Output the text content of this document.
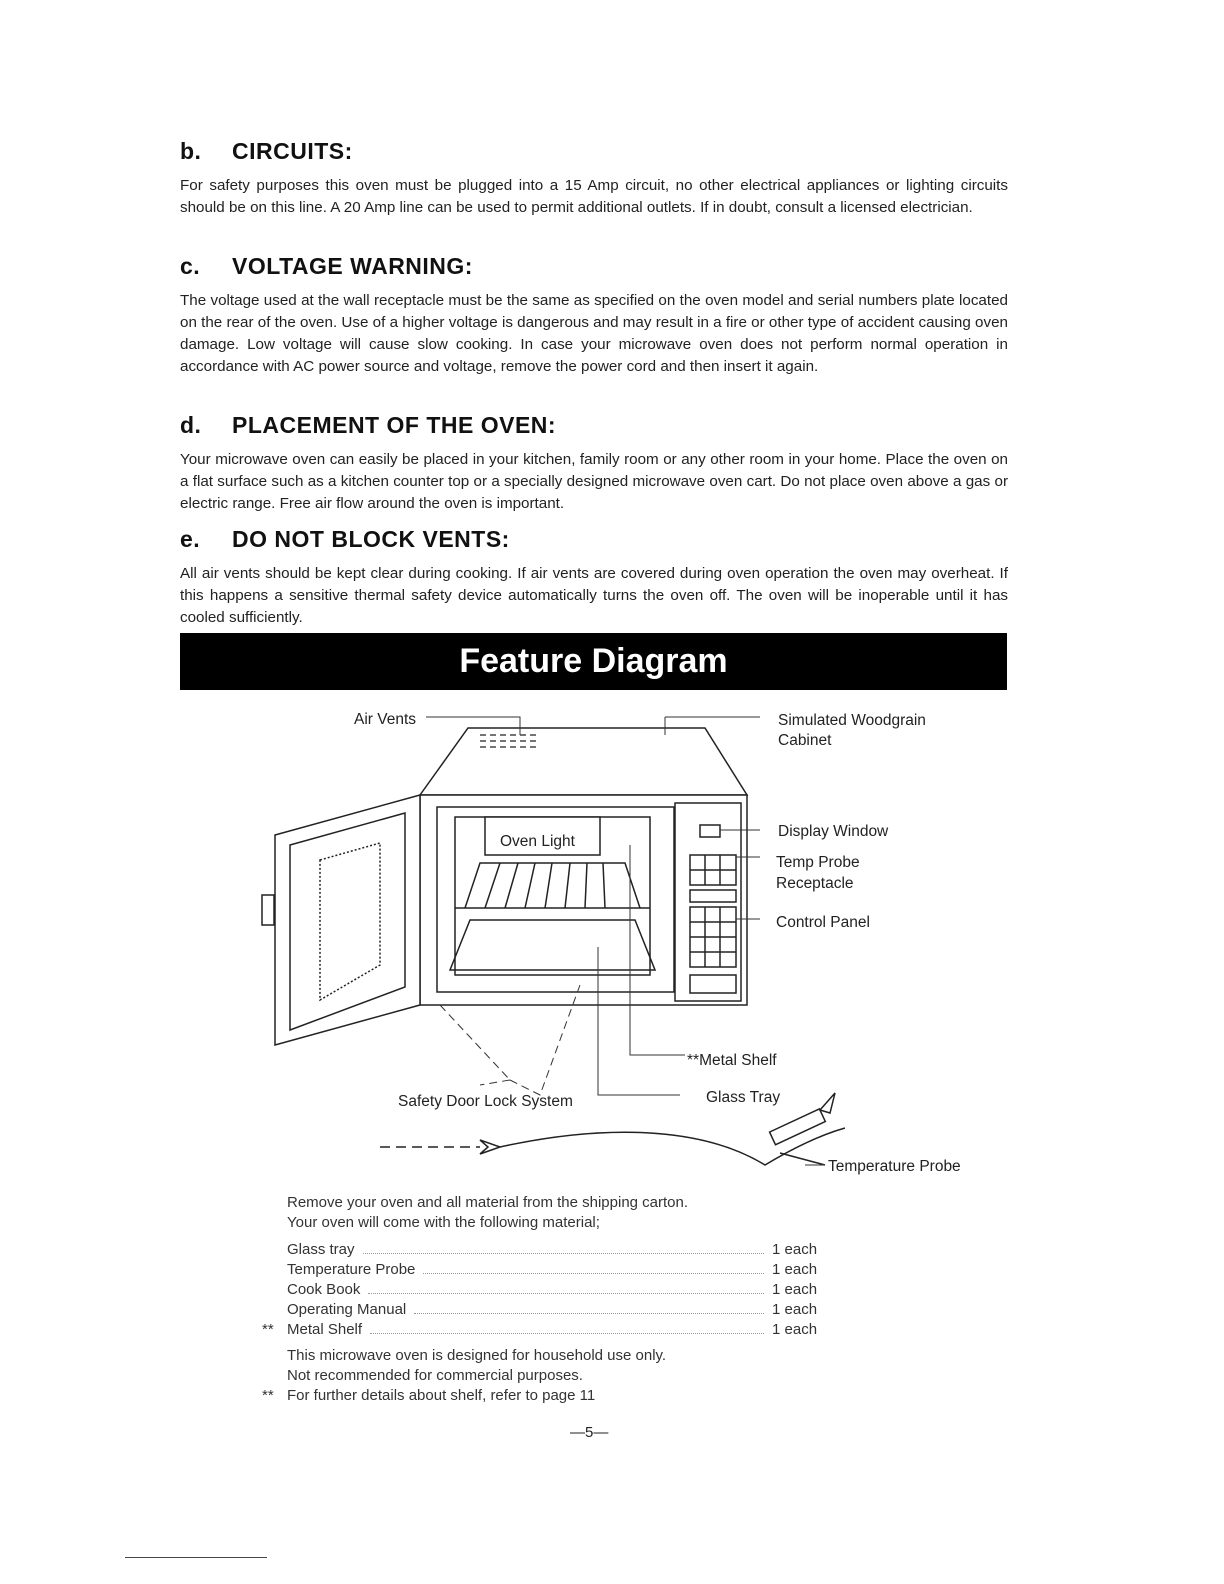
b. CIRCUITS:

For safety purposes this oven must be plugged into a 15 Amp circuit, no other electrical appliances or lighting circuits should be on this line. A 20 Amp line can be used to permit additional outlets. If in doubt, consult a licensed electrician.

c.	VOLTAGE WARNING:

The voltage used at the wall receptacle must be the same as specified on the oven model and serial numbers plate located on the rear of the oven. Use of a higher voltage is dangerous and may result in a fire or other type of accident causing oven damage. Low voltage will cause slow cooking. In case your microwave oven does not perform normal operation in accordance with AC power source and voltage, remove the power cord and then insert it again.

d. PLACEMENT OF THE OVEN:

Your microwave oven can easily be placed in your kitchen, family room or any other room in your home. Place the oven on a flat surface such as a kitchen counter top or a specially designed microwave oven cart. Do not place oven above a gas or electric range. Free air flow around the oven is important.

e.	DO NOT BLOCK VENTS:

All air vents should be kept clear during cooking. If air vents are covered during oven operation the oven may overheat. If this happens a sensitive thermal safety device automatically turns the oven off. The oven will be inoperable until it has cooled sufficiently.

Feature Diagram
Air Vents	Simulated Woodgrain
Cabinet
Display Window
Temp Probe
Receptacle
Control Panel
Oven Light
**Metal Shelf
Safety Door Lock System	Glass Tray
Temperature Probe
Remove your oven and all material from the shipping carton.
Your oven will come with the following material;
Glass tray	1 each
Temperature Probe	1 each
Cook Book	1 each
Operating Manual	1 each
** Metal Shelf	1 each
This microwave oven is designed for household use only.
Not recommended for commercial purposes.
** For further details about shelf, refer to page 11
—5—
